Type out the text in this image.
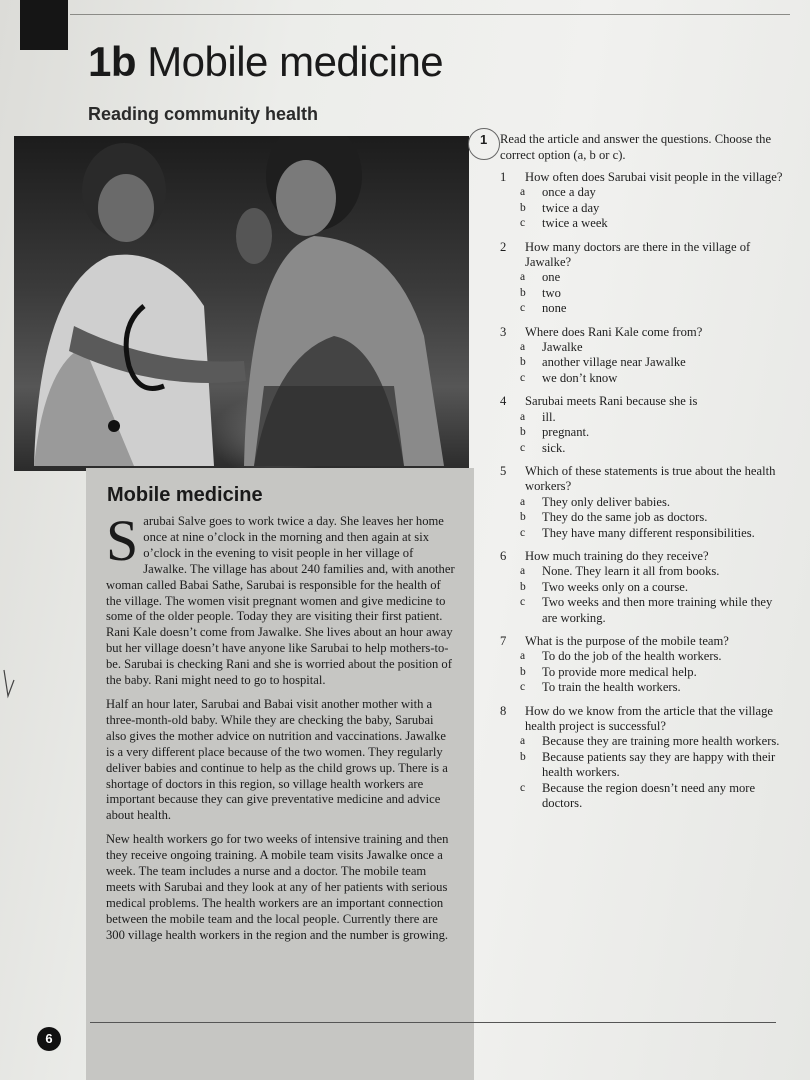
1b Mobile medicine
Reading community health
Mobile medicine

Sarubai Salve goes to work twice a day. She leaves her home once at nine o’clock in the morning and then again at six o’clock in the evening to visit people in her village of Jawalke. The village has about 240 families and, with another woman called Babai Sathe, Sarubai is responsible for the health of the village. The women visit pregnant women and give medicine to some of the older people. Today they are visiting their first patient. Rani Kale doesn’t come from Jawalke. She lives about an hour away but her village doesn’t have anyone like Sarubai to help mothers-to-be. Sarubai is checking Rani and she is worried about the position of the baby. Rani might need to go to hospital.

Half an hour later, Sarubai and Babai visit another mother with a three-month-old baby. While they are checking the baby, Sarubai also gives the mother advice on nutrition and vaccinations. Jawalke is a very different place because of the two women. They regularly deliver babies and continue to help as the child grows up. There is a shortage of doctors in this region, so village health workers are important because they can give preventative medicine and advice about health.

New health workers go for two weeks of intensive training and then they receive ongoing training. A mobile team visits Jawalke once a week. The team includes a nurse and a doctor. The mobile team meets with Sarubai and they look at any of her patients with serious medical problems. The health workers are an important connection between the mobile team and the local people. Currently there are 300 village health workers in the region and the number is growing.

1 Read the article and answer the questions. Choose the correct option (a, b or c).
1 How often does Sarubai visit people in the village?
a once a day
b twice a day
c twice a week
2 How many doctors are there in the village of Jawalke?
a one
b two
c none
3 Where does Rani Kale come from?
a Jawalke
b another village near Jawalke
c we don’t know
4 Sarubai meets Rani because she is
a ill.
b pregnant.
c sick.
5 Which of these statements is true about the health workers?
a They only deliver babies.
b They do the same job as doctors.
c They have many different responsibilities.
6 How much training do they receive?
a None. They learn it all from books.
b Two weeks only on a course.
c Two weeks and then more training while they are working.
7 What is the purpose of the mobile team?
a To do the job of the health workers.
b To provide more medical help.
c To train the health workers.
8 How do we know from the article that the village health project is successful?
a Because they are training more health workers.
b Because patients say they are happy with their health workers.
c Because the region doesn’t need any more doctors.
6
